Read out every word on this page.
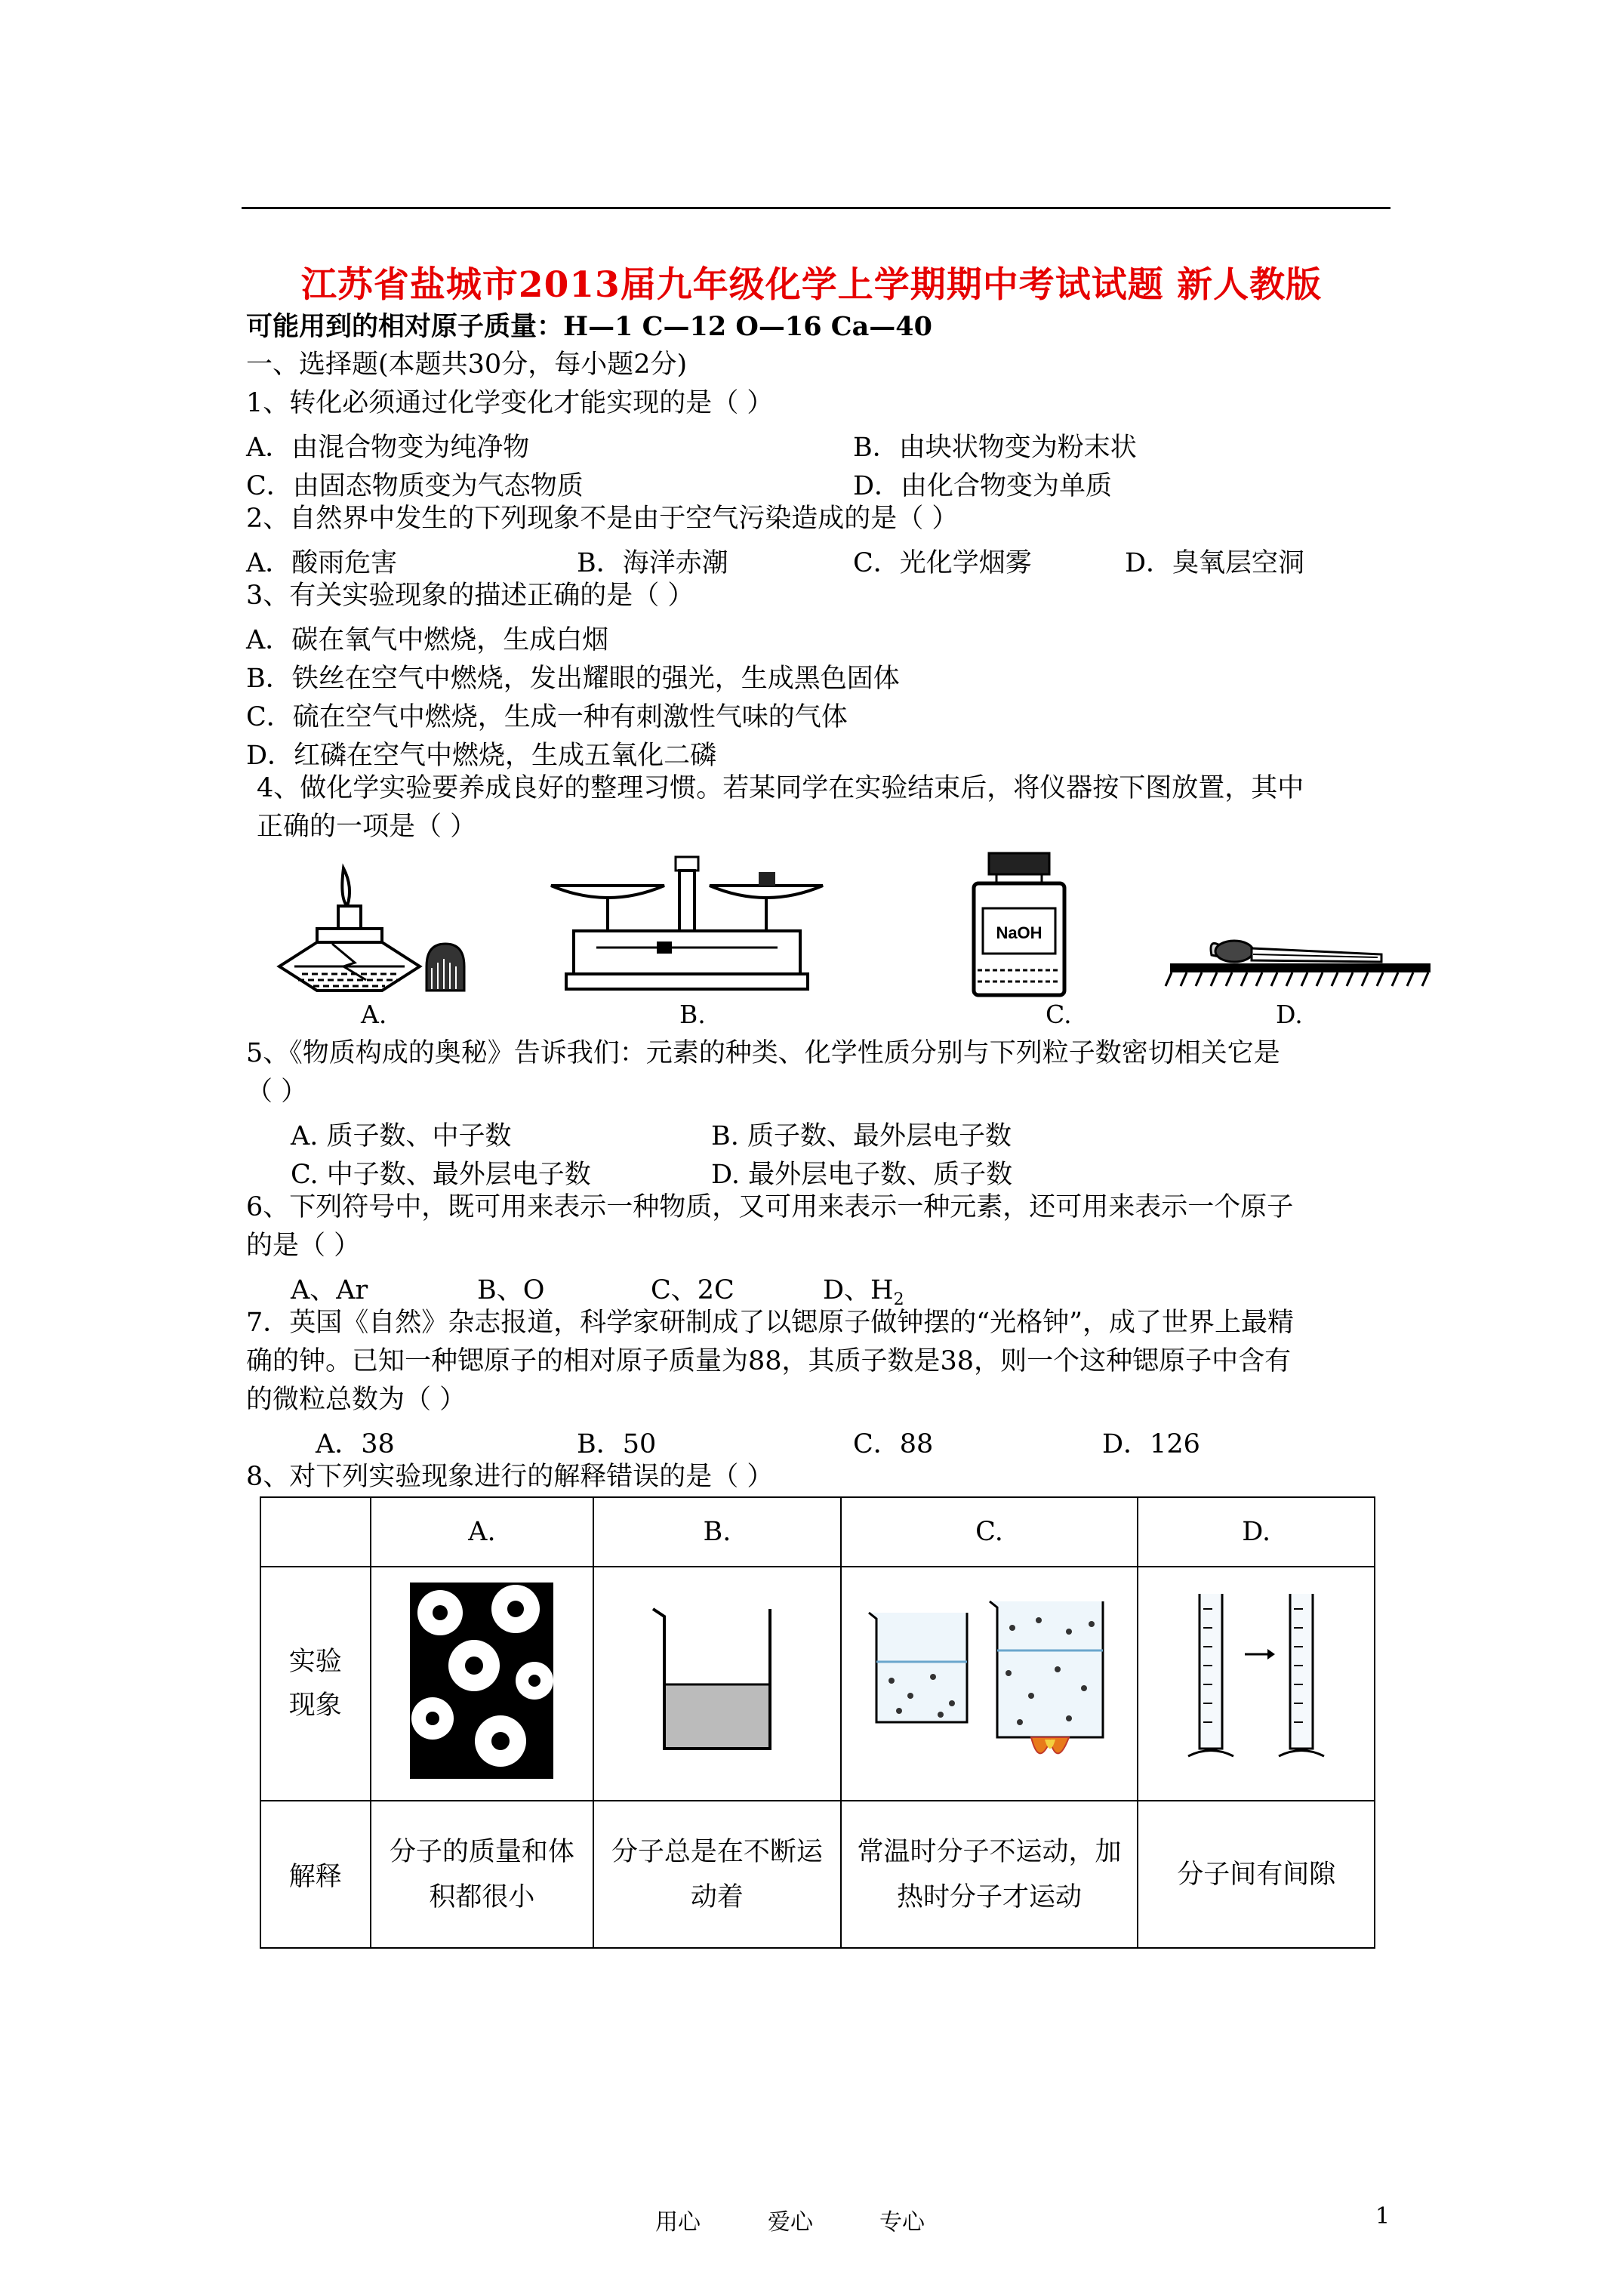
江苏省盐城市2013届九年级化学上学期期中考试试题 新人教版
可能用到的相对原子质量：H—1 C—12 O—16 Ca—40
一、选择题(本题共30分，每小题2分)
1、转化必须通过化学变化才能实现的是（ ）
A．由混合物变为纯净物	B．由块状物变为粉末状
C．由固态物质变为气态物质	D．由化合物变为单质
2、自然界中发生的下列现象不是由于空气污染造成的是（ ）
A．酸雨危害	B．海洋赤潮	C．光化学烟雾	D．臭氧层空洞
3、有关实验现象的描述正确的是（ ）
A．碳在氧气中燃烧，生成白烟
B．铁丝在空气中燃烧，发出耀眼的强光，生成黑色固体
C．硫在空气中燃烧，生成一种有刺激性气味的气体
D．红磷在空气中燃烧，生成五氧化二磷
4、做化学实验要养成良好的整理习惯。若某同学在实验结束后，将仪器按下图放置，其中
正确的一项是（ ）
NaOH
A.	B.	C.	D.
5、《物质构成的奥秘》告诉我们：元素的种类、化学性质分别与下列粒子数密切相关它是
（ ）
A. 质子数、中子数	B. 质子数、最外层电子数
C. 中子数、最外层电子数	D. 最外层电子数、质子数
6、下列符号中，既可用来表示一种物质，又可用来表示一种元素，还可用来表示一个原子
的是（ ）
A、Ar	B、O	C、2C	D、$H_2$
7．英国《自然》杂志报道，科学家研制成了以锶原子做钟摆的“光格钟”，成了世界上最精
确的钟。已知一种锶原子的相对原子质量为88，其质子数是38，则一个这种锶原子中含有
的微粒总数为（ ）
A．38	B．50	C．88	D．126
8、对下列实验现象进行的解释错误的是（ ）
	A.	B.	C.	D.
实验
现象				
解释	分子的质量和体积都很小	分子总是在不断运动着	常温时分子不运动，加热时分子才运动	分子间有间隙
用心	爱心	专心	1
